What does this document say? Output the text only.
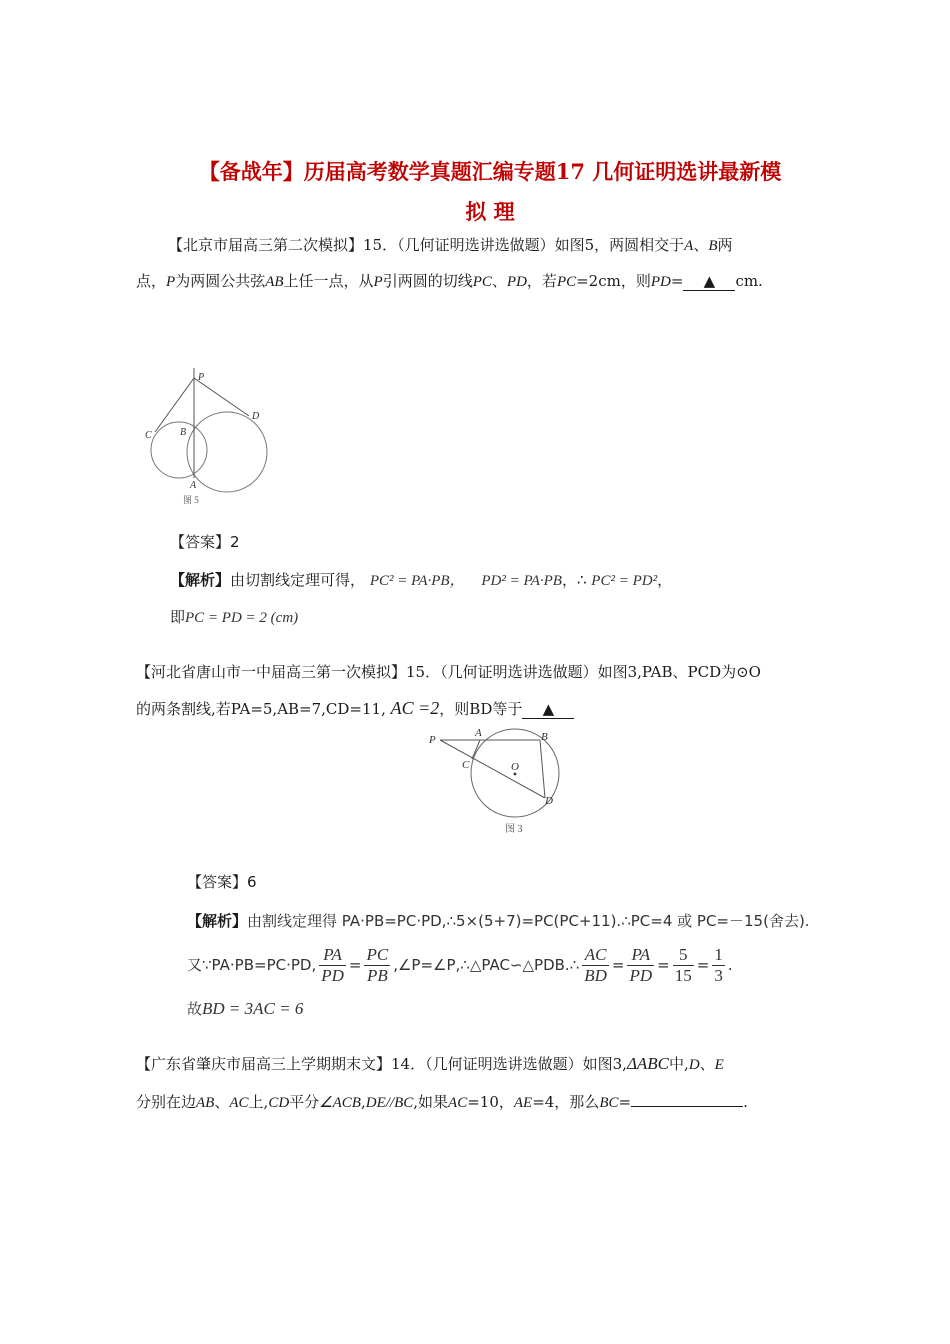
【备战年】历届高考数学真题汇编专题17 几何证明选讲最新模
拟 理
【北京市届高三第二次模拟】15．（几何证明选讲选做题）如图5，两圆相交于A、B两
点，P为两圆公共弦AB上任一点，从P引两圆的切线PC、PD，若PC=2cm，则PD= ▲ cm.
P
B
C
D
A
图 5
【答案】2
【解析】由切割线定理可得， PC² = PA·PB， PD² = PA·PB，∴ PC² = PD²，
即PC = PD = 2 (cm)
【河北省唐山市一中届高三第一次模拟】15．（几何证明选讲选做题）如图3,PAB、PCD为⊙O
的两条割线,若PA=5,AB=7,CD=11, AC =2，则BD等于 ▲
P
A	B
C	O
D
图 3
【答案】6
【解析】由割线定理得 PA·PB=PC·PD,∴5×(5+7)=PC(PC+11).∴PC=4 或 PC=－15(舍去).
又∵PA·PB=PC·PD, $\frac{PA}{PD} = \frac{PC}{PB}$ ,∠P=∠P,∴△PAC∽△PDB.∴ $\frac{AC}{BD} = \frac{PA}{PD} = \frac{5}{15} = \frac{1}{3}$ .
故BD = 3AC = 6
【广东省肇庆市届高三上学期期末文】14．（几何证明选讲选做题）如图3,ΔABC中,D、E
分别在边AB、AC上,CD平分∠ACB,DE//BC,如果AC=10，AE=4，那么BC=	.
